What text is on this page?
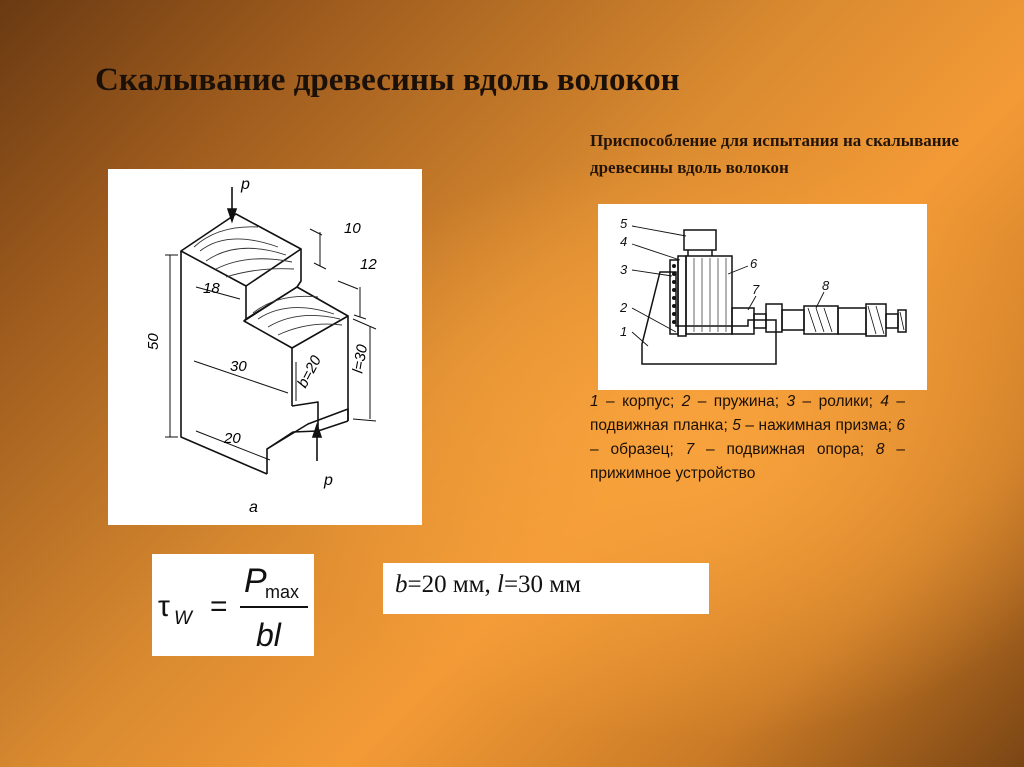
Скалывание древесины вдоль волокон
Приспособление для испытания на скалывание древесины вдоль волокон
p
p
10
12
18
50
30	b=20 l=30
20
а
5
4
3	6
2
1
7	8
1 – корпус; 2 – пружина; 3 – ролики; 4 – подвижная планка; 5 – нажимная призма; 6 – образец; 7 – подвижная опора; 8 – прижимное устройство
τ W =
P
max
bl
b=20 мм, l=30 мм
